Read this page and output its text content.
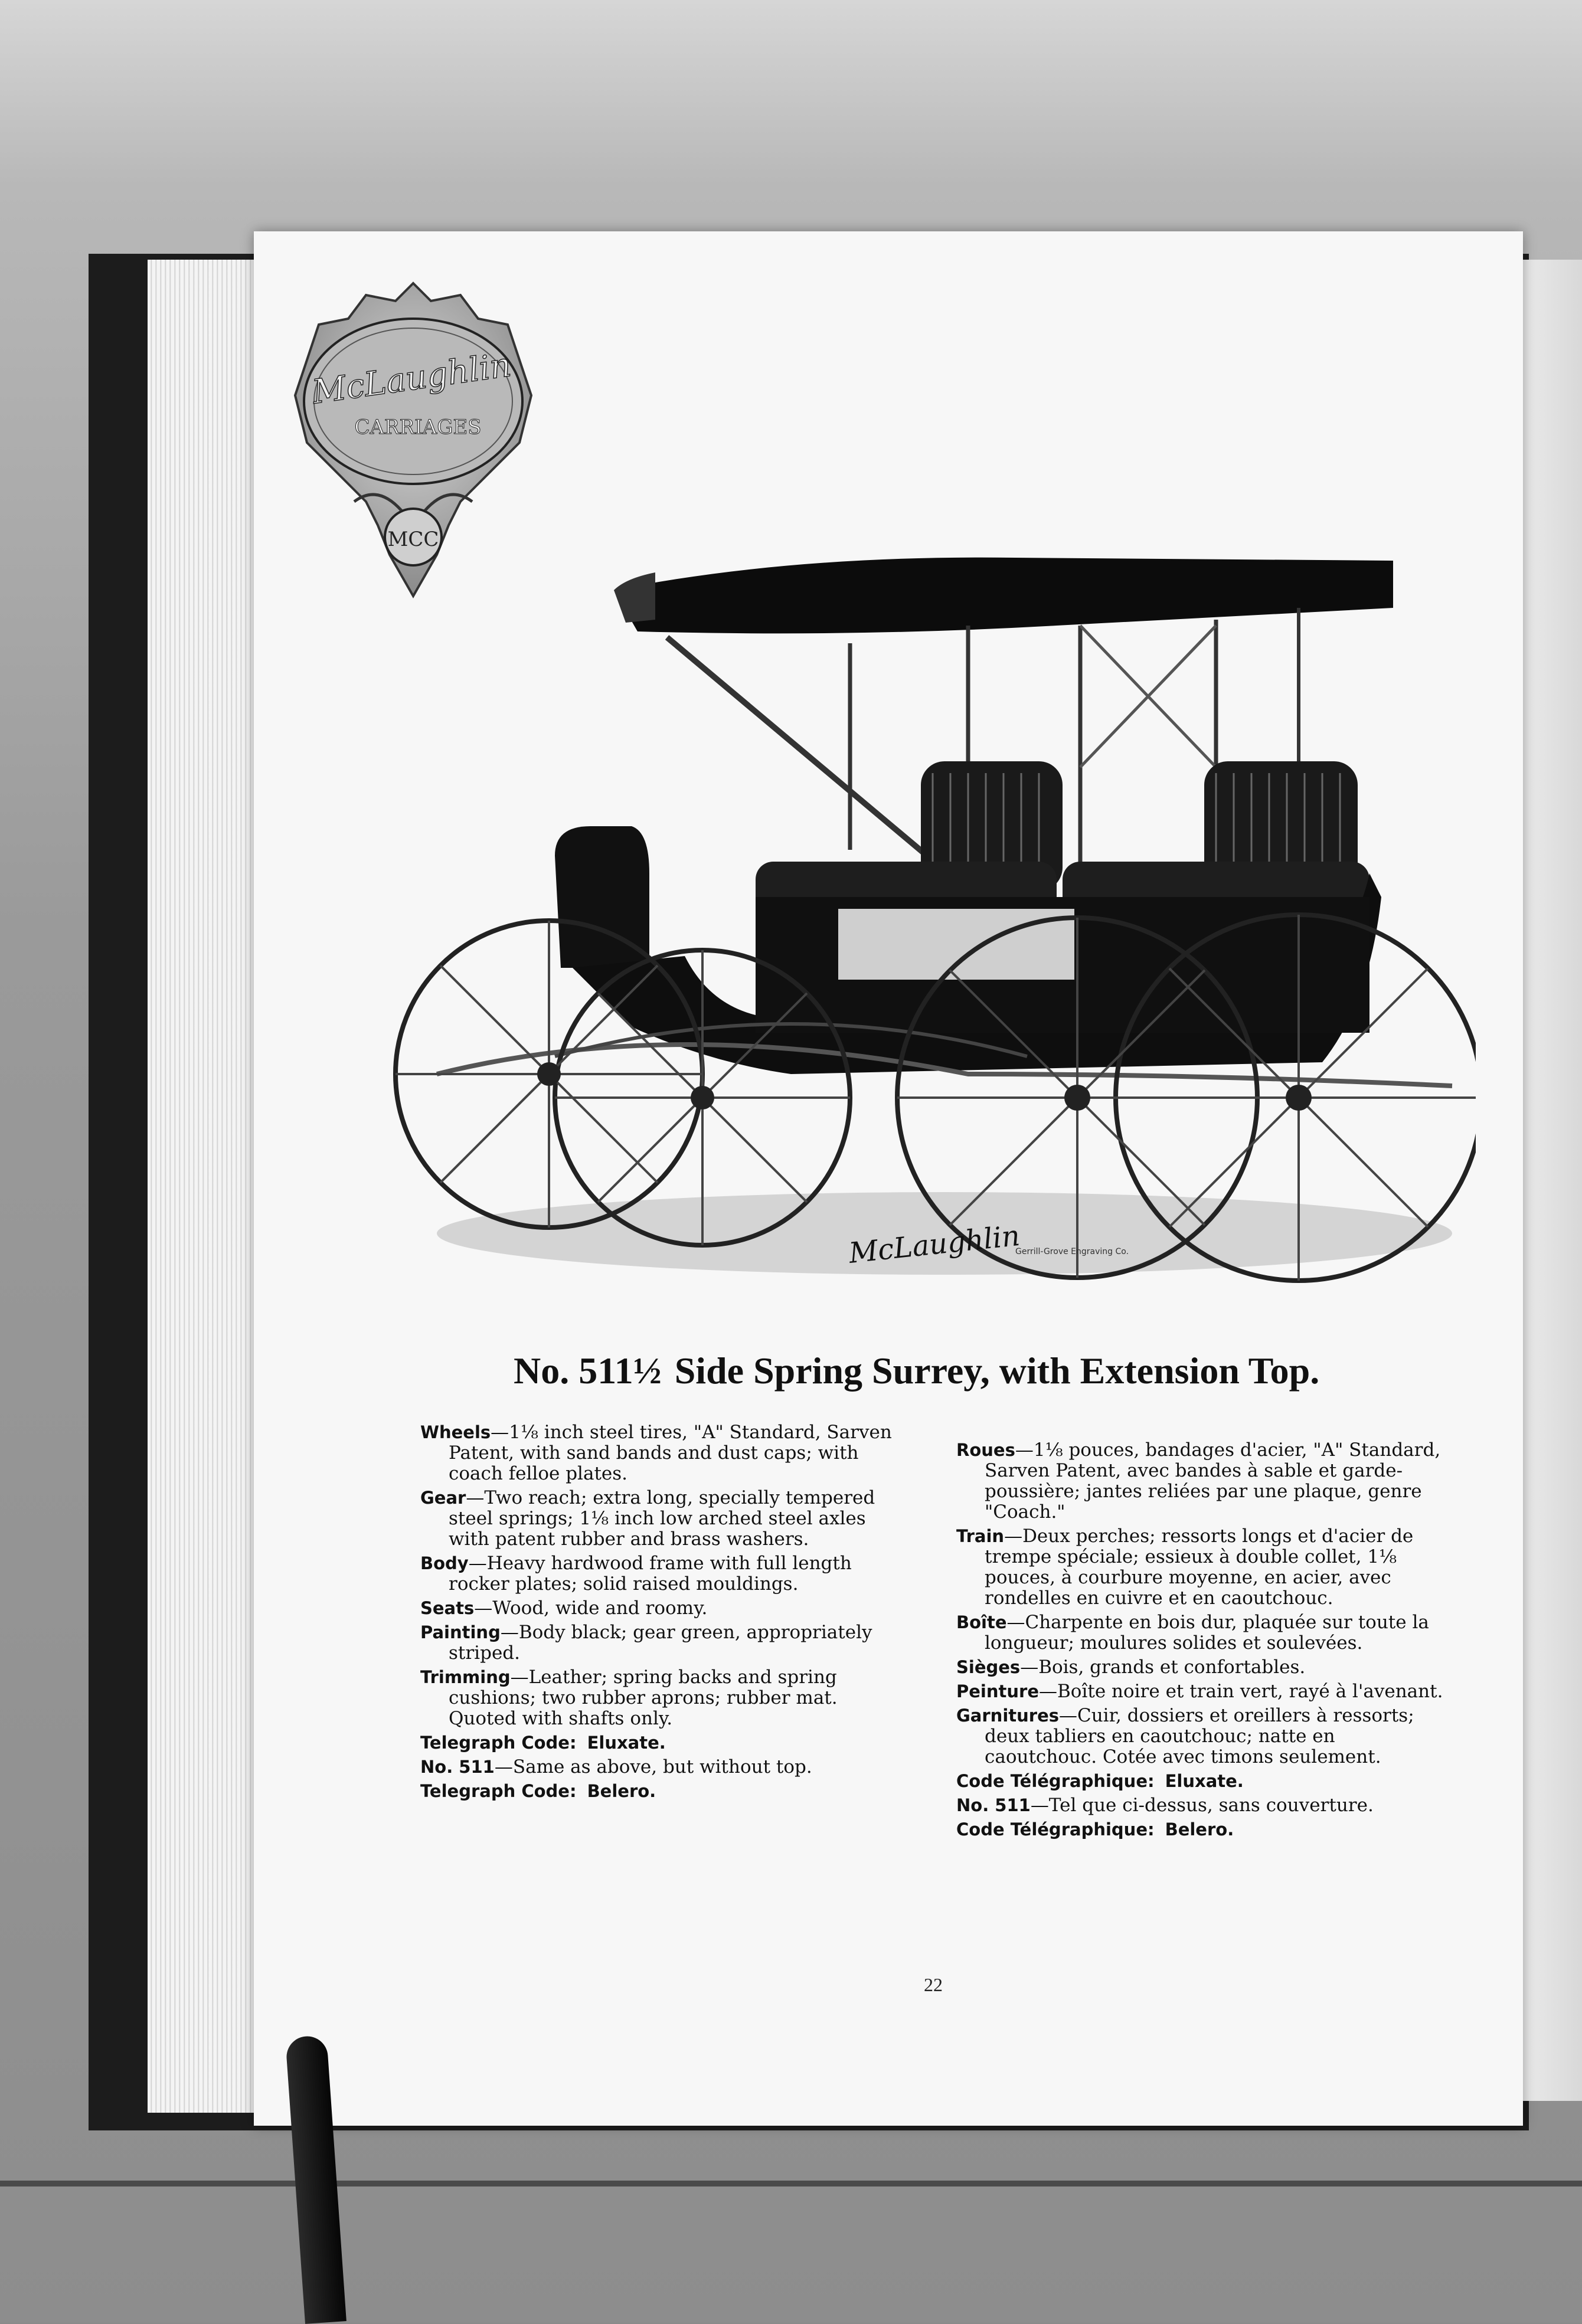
McLaughlin
CARRIAGES
MCC
McLaughlin
Gerrill-Grove Engraving Co.
No. 511½ Side Spring Surrey, with Extension Top.
Wheels—1⅛ inch steel tires, "A" Standard, Sarven Patent, with sand bands and dust caps; with coach felloe plates.
Gear—Two reach; extra long, specially tempered steel springs; 1⅛ inch low arched steel axles with patent rubber and brass washers.
Body—Heavy hardwood frame with full length rocker plates; solid raised mouldings.
Seats—Wood, wide and roomy.
Painting—Body black; gear green, appropriately striped.
Trimming—Leather; spring backs and spring cushions; two rubber aprons; rubber mat. Quoted with shafts only.
Telegraph Code: Eluxate.
No. 511—Same as above, but without top.
Telegraph Code: Belero.
Roues—1⅛ pouces, bandages d'acier, "A" Standard, Sarven Patent, avec bandes à sable et garde-poussière; jantes reliées par une plaque, genre "Coach."
Train—Deux perches; ressorts longs et d'acier de trempe spéciale; essieux à double collet, 1⅛ pouces, à courbure moyenne, en acier, avec rondelles en cuivre et en caoutchouc.
Boîte—Charpente en bois dur, plaquée sur toute la longueur; moulures solides et soulevées.
Sièges—Bois, grands et confortables.
Peinture—Boîte noire et train vert, rayé à l'avenant.
Garnitures—Cuir, dossiers et oreillers à ressorts; deux tabliers en caoutchouc; natte en caoutchouc. Cotée avec timons seulement.
Code Télégraphique: Eluxate.
No. 511—Tel que ci-dessus, sans couverture.
Code Télégraphique: Belero.
22
